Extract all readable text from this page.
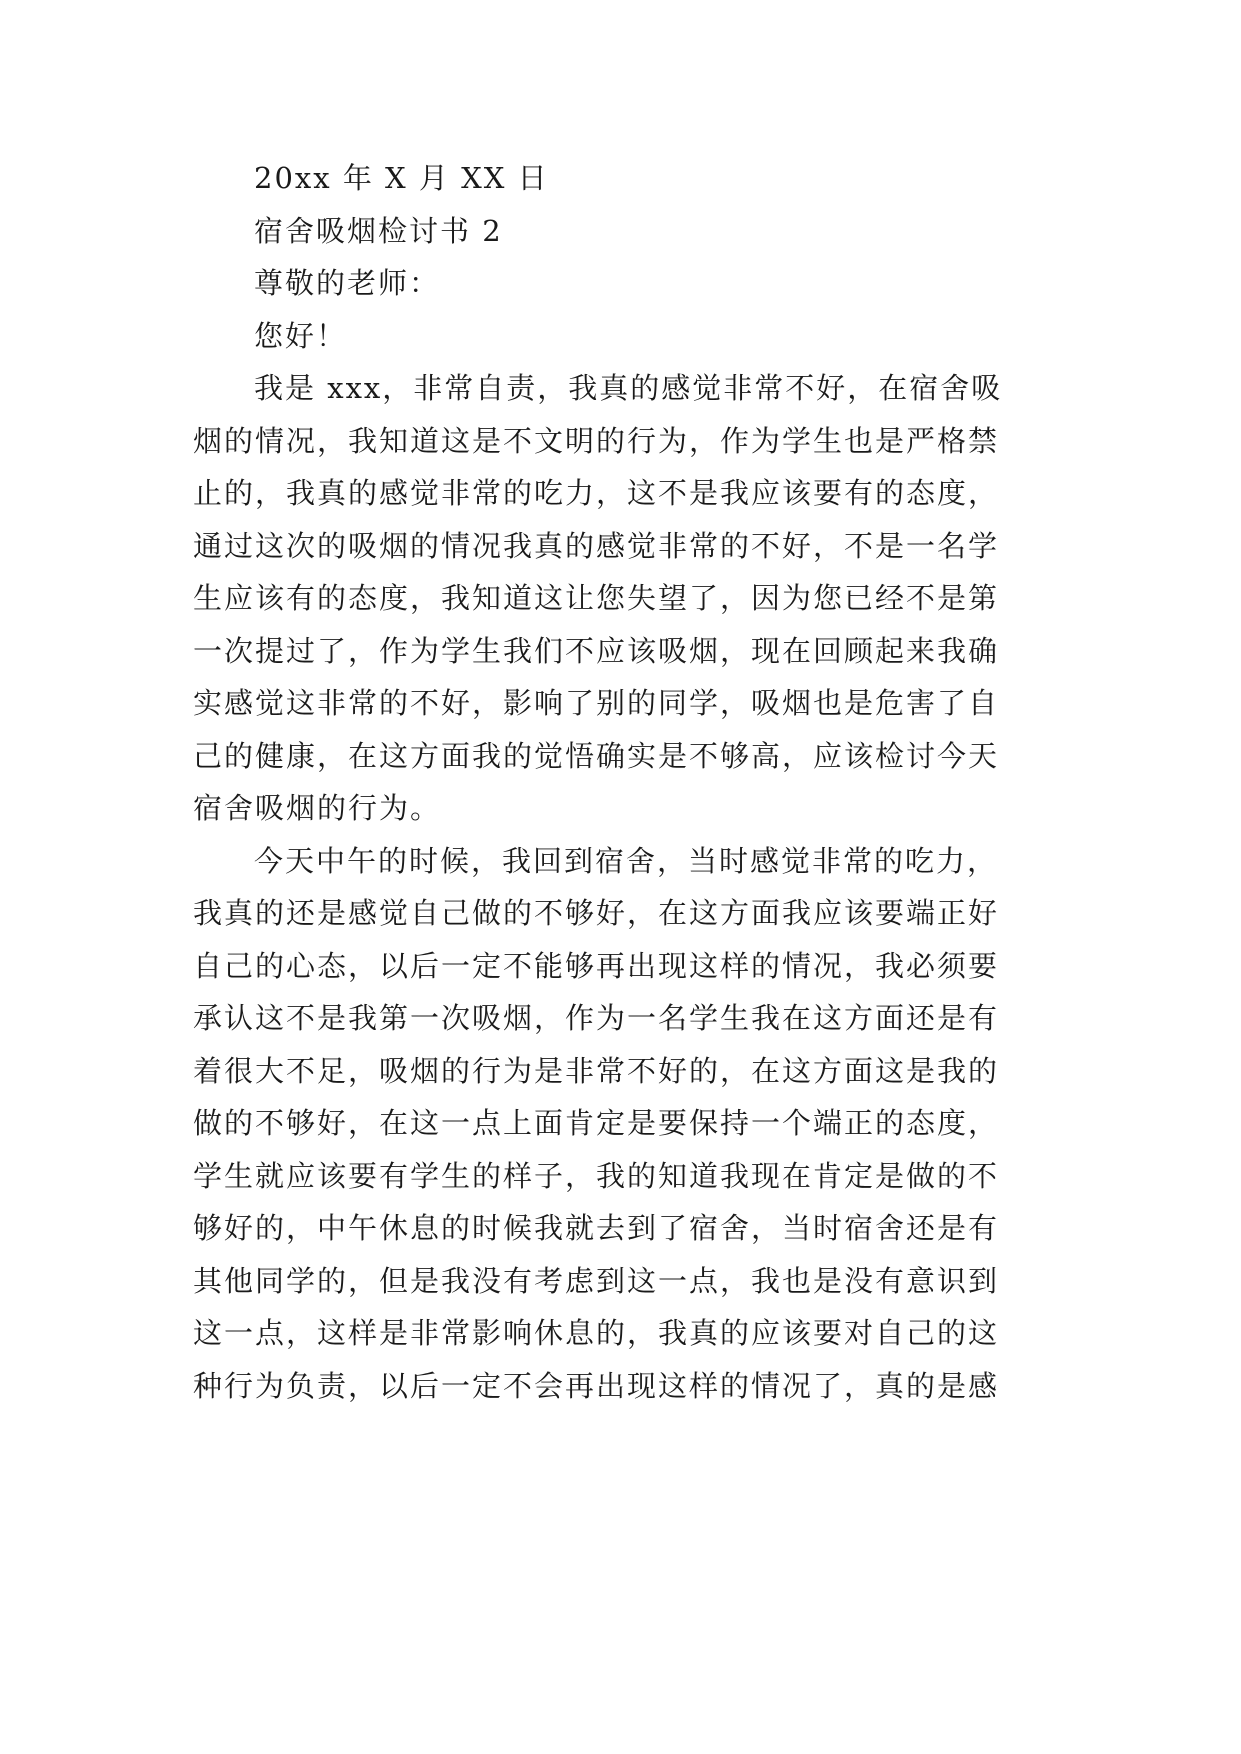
20xx 年 X 月 XX 日

宿舍吸烟检讨书 2

尊敬的老师：

您好！

我是 xxx，非常自责，我真的感觉非常不好，在宿舍吸
烟的情况，我知道这是不文明的行为，作为学生也是严格禁
止的，我真的感觉非常的吃力，这不是我应该要有的态度，
通过这次的吸烟的情况我真的感觉非常的不好，不是一名学
生应该有的态度，我知道这让您失望了，因为您已经不是第
一次提过了，作为学生我们不应该吸烟，现在回顾起来我确
实感觉这非常的不好，影响了别的同学，吸烟也是危害了自
己的健康，在这方面我的觉悟确实是不够高，应该检讨今天
宿舍吸烟的行为。
今天中午的时候，我回到宿舍，当时感觉非常的吃力，
我真的还是感觉自己做的不够好，在这方面我应该要端正好
自己的心态，以后一定不能够再出现这样的情况，我必须要
承认这不是我第一次吸烟，作为一名学生我在这方面还是有
着很大不足，吸烟的行为是非常不好的，在这方面这是我的
做的不够好，在这一点上面肯定是要保持一个端正的态度，
学生就应该要有学生的样子，我的知道我现在肯定是做的不
够好的，中午休息的时候我就去到了宿舍，当时宿舍还是有
其他同学的，但是我没有考虑到这一点，我也是没有意识到
这一点，这样是非常影响休息的，我真的应该要对自己的这
种行为负责，以后一定不会再出现这样的情况了，真的是感
